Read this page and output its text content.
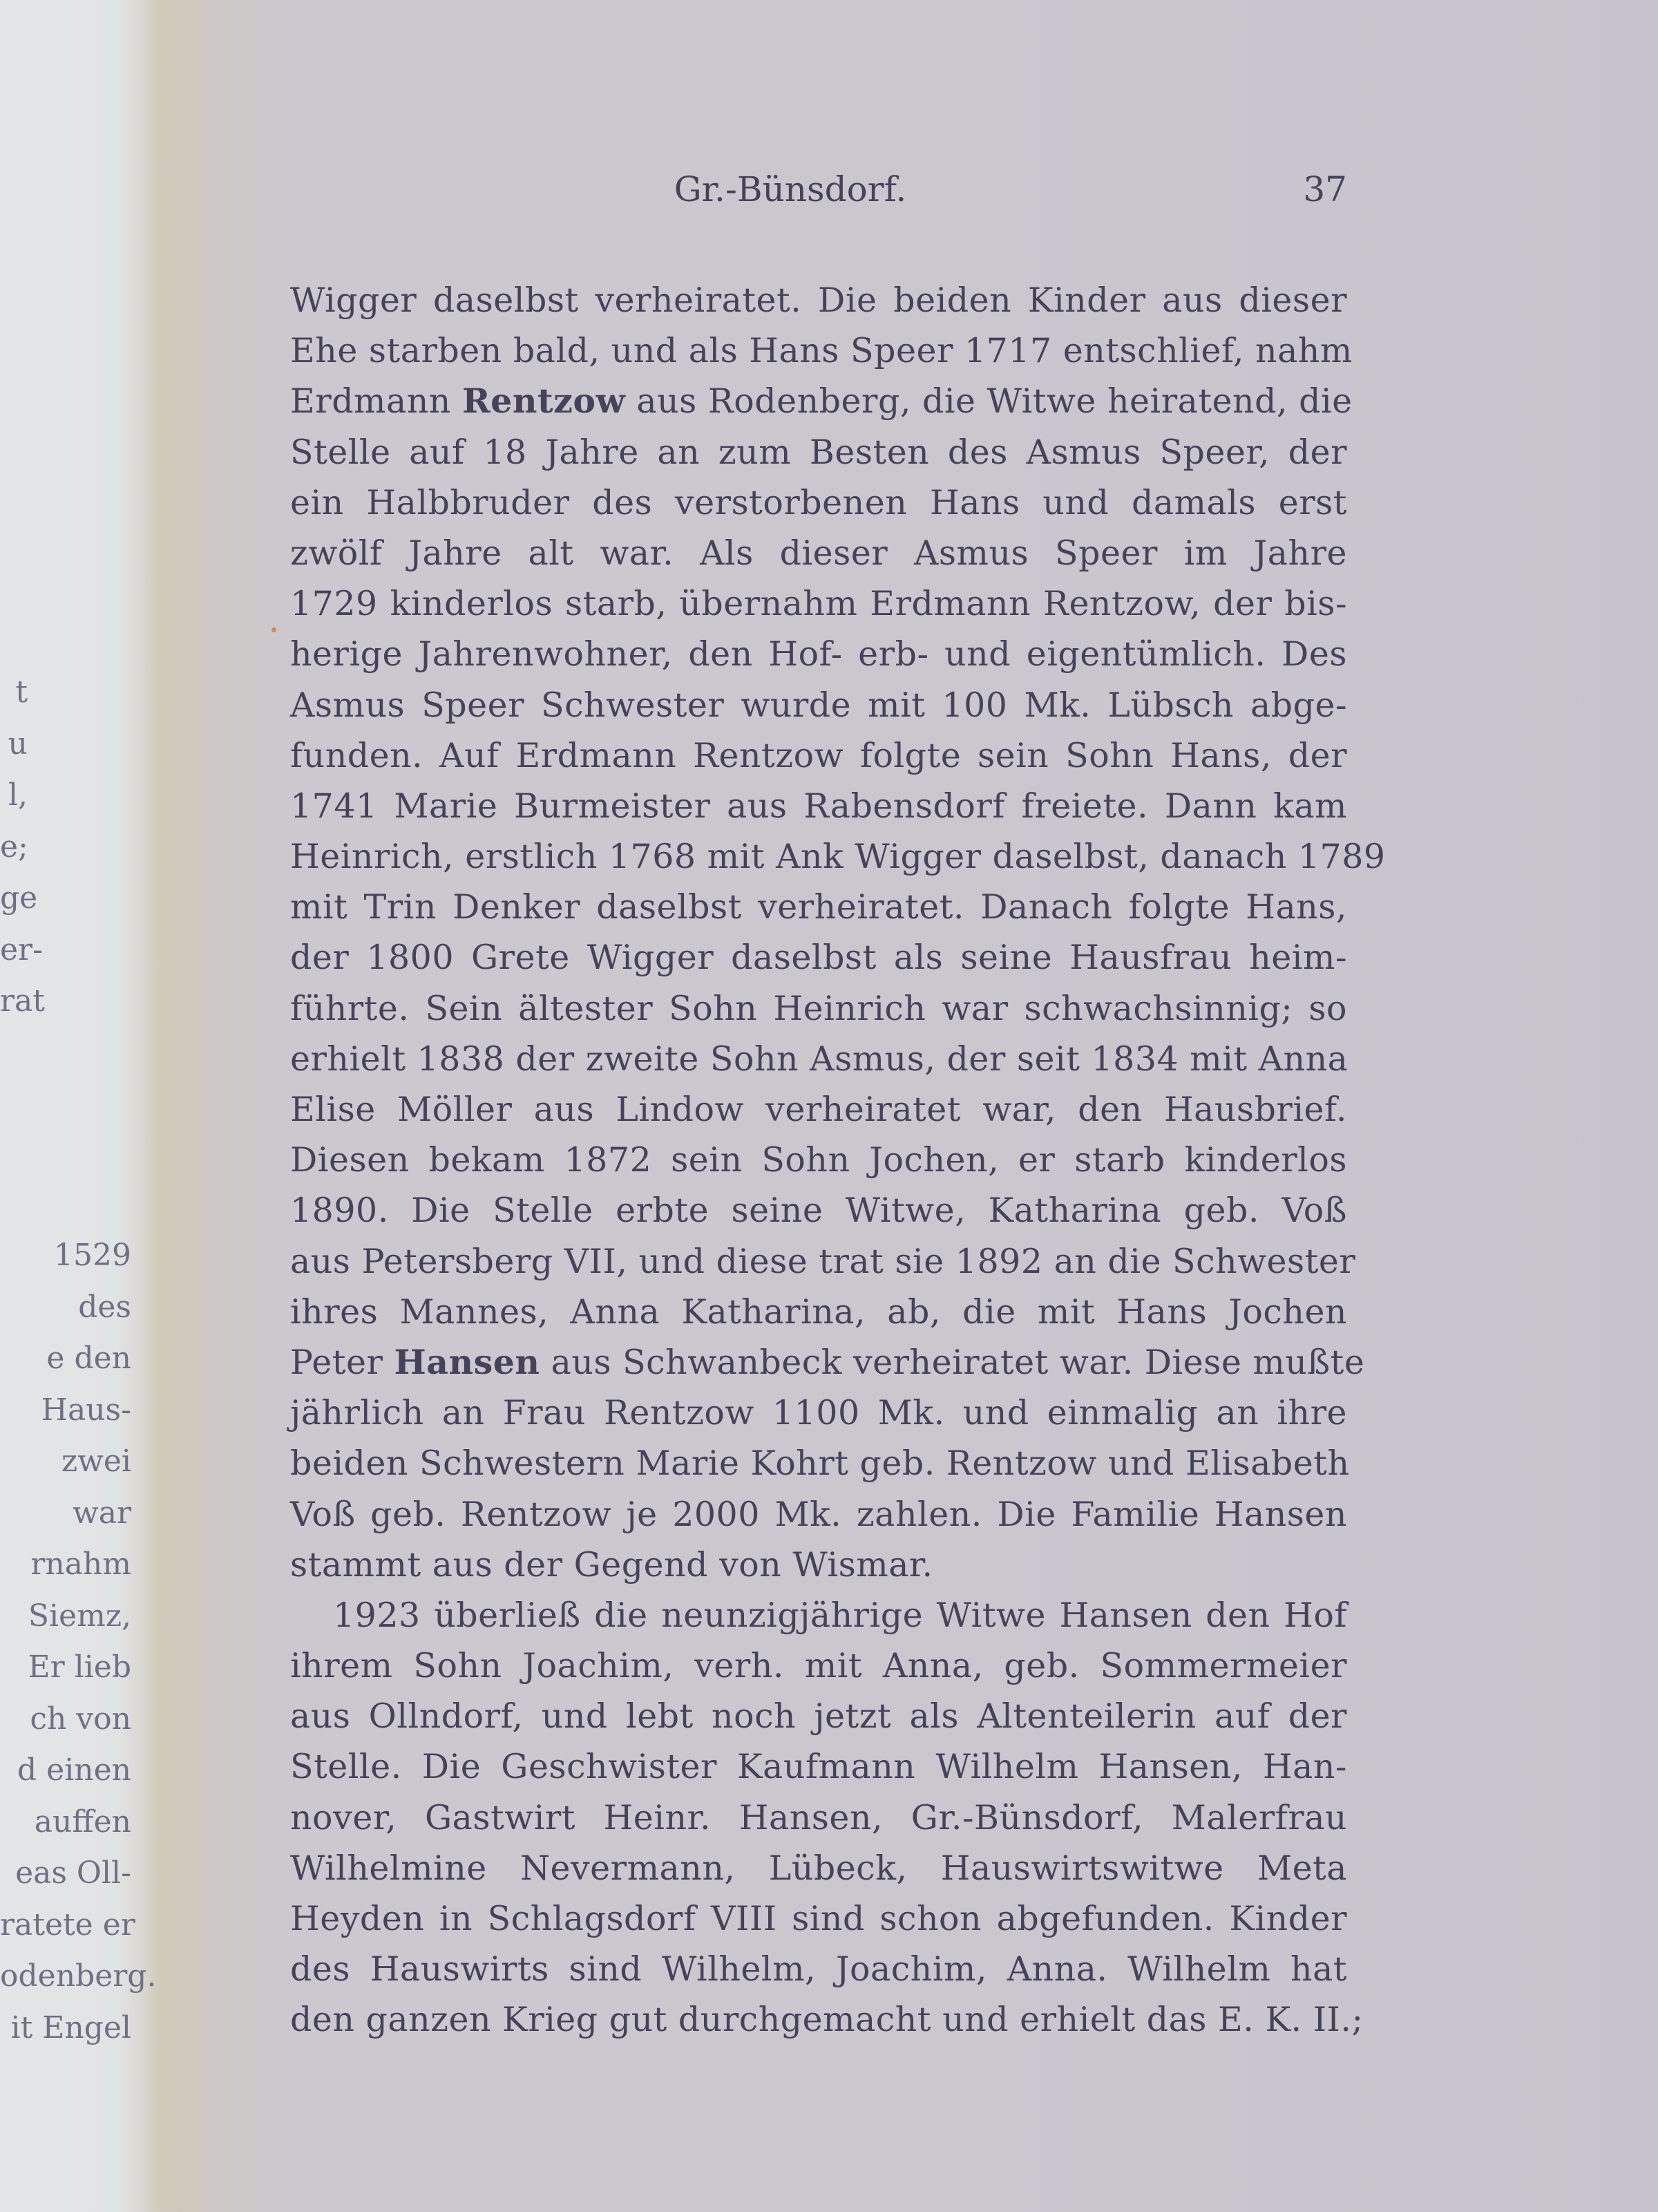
t
u
l,
e;
ge
er-
rat
1529
des
e den
Haus-
zwei
war
rnahm
Siemz,
Er lieb
ch von
d einen
auffen
eas Oll-
ratete er
odenberg.
it Engel
Gr.-Bünsdorf.	37
Wigger daselbst verheiratet. Die beiden Kinder aus dieser
Ehe starben bald, und als Hans Speer 1717 entschlief, nahm
Erdmann Rentzow aus Rodenberg, die Witwe heiratend, die
Stelle auf 18 Jahre an zum Besten des Asmus Speer, der
ein Halbbruder des verstorbenen Hans und damals erst
zwölf Jahre alt war. Als dieser Asmus Speer im Jahre
1729 kinderlos starb, übernahm Erdmann Rentzow, der bis-
herige Jahrenwohner, den Hof- erb- und eigentümlich. Des
Asmus Speer Schwester wurde mit 100 Mk. Lübsch abge-
funden. Auf Erdmann Rentzow folgte sein Sohn Hans, der
1741 Marie Burmeister aus Rabensdorf freiete. Dann kam
Heinrich, erstlich 1768 mit Ank Wigger daselbst, danach 1789
mit Trin Denker daselbst verheiratet. Danach folgte Hans,
der 1800 Grete Wigger daselbst als seine Hausfrau heim-
führte. Sein ältester Sohn Heinrich war schwachsinnig; so
erhielt 1838 der zweite Sohn Asmus, der seit 1834 mit Anna
Elise Möller aus Lindow verheiratet war, den Hausbrief.
Diesen bekam 1872 sein Sohn Jochen, er starb kinderlos
1890. Die Stelle erbte seine Witwe, Katharina geb. Voß
aus Petersberg VII, und diese trat sie 1892 an die Schwester
ihres Mannes, Anna Katharina, ab, die mit Hans Jochen
Peter Hansen aus Schwanbeck verheiratet war. Diese mußte
jährlich an Frau Rentzow 1100 Mk. und einmalig an ihre
beiden Schwestern Marie Kohrt geb. Rentzow und Elisabeth
Voß geb. Rentzow je 2000 Mk. zahlen. Die Familie Hansen
stammt aus der Gegend von Wismar.
1923 überließ die neunzigjährige Witwe Hansen den Hof
ihrem Sohn Joachim, verh. mit Anna, geb. Sommermeier
aus Ollndorf, und lebt noch jetzt als Altenteilerin auf der
Stelle. Die Geschwister Kaufmann Wilhelm Hansen, Han-
nover, Gastwirt Heinr. Hansen, Gr.-Bünsdorf, Malerfrau
Wilhelmine Nevermann, Lübeck, Hauswirtswitwe Meta
Heyden in Schlagsdorf VIII sind schon abgefunden. Kinder
des Hauswirts sind Wilhelm, Joachim, Anna. Wilhelm hat
den ganzen Krieg gut durchgemacht und erhielt das E. K. II.;
